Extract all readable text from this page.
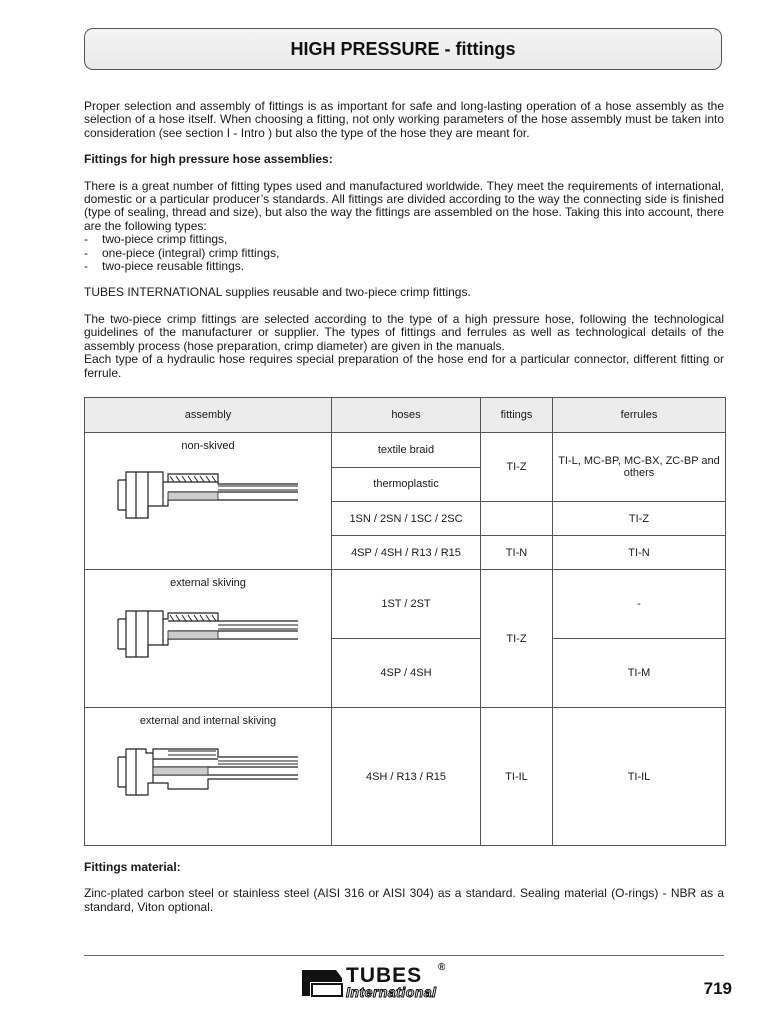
HIGH PRESSURE - fittings

Proper selection and assembly of fittings is as important for safe and long-lasting operation of a hose assembly as the selection of a hose itself. When choosing a fitting, not only working parameters of the hose assembly must be taken into consideration (see section I - Intro ) but also the type of the hose they are meant for.

Fittings for high pressure hose assemblies:

There is a great number of fitting types used and manufactured worldwide. They meet the requirements of international, domestic or a particular producer’s standards. All fittings are divided according to the way the connecting side is finished (type of sealing, thread and size), but also the way the fittings are assembled on the hose. Taking this into account, there are the following types:

- two-piece crimp fittings,
- one-piece (integral) crimp fittings,
- two-piece reusable fittings.

TUBES INTERNATIONAL supplies reusable and two-piece crimp fittings.

The two-piece crimp fittings are selected according to the type of a high pressure hose, following the technological guidelines of the manufacturer or supplier. The types of fittings and ferrules as well as technological details of the assembly process (hose preparation, crimp diameter) are given in the manuals.

Each type of a hydraulic hose requires special preparation of the hose end for a particular connector, different fitting or ferrule.

assembly	hoses	fittings	ferrules

non-skived	textile braid	TI-Z	TI-L, MC-BP, MC-BX, ZC-BP and others
	thermoplastic		
	1SN / 2SN / 1SC / 2SC		TI-Z
	4SP / 4SH / R13 / R15	TI-N	TI-N

external skiving	1ST / 2ST	TI-Z	-
	4SP / 4SH		TI-M

external and internal skiving	4SH / R13 / R15	TI-IL	TI-IL
Fittings material:

Zinc-plated carbon steel or stainless steel (AISI 316 or AISI 304) as a standard. Sealing material (O-rings) - NBR as a standard, Viton optional.

TUBES ®
International	719
